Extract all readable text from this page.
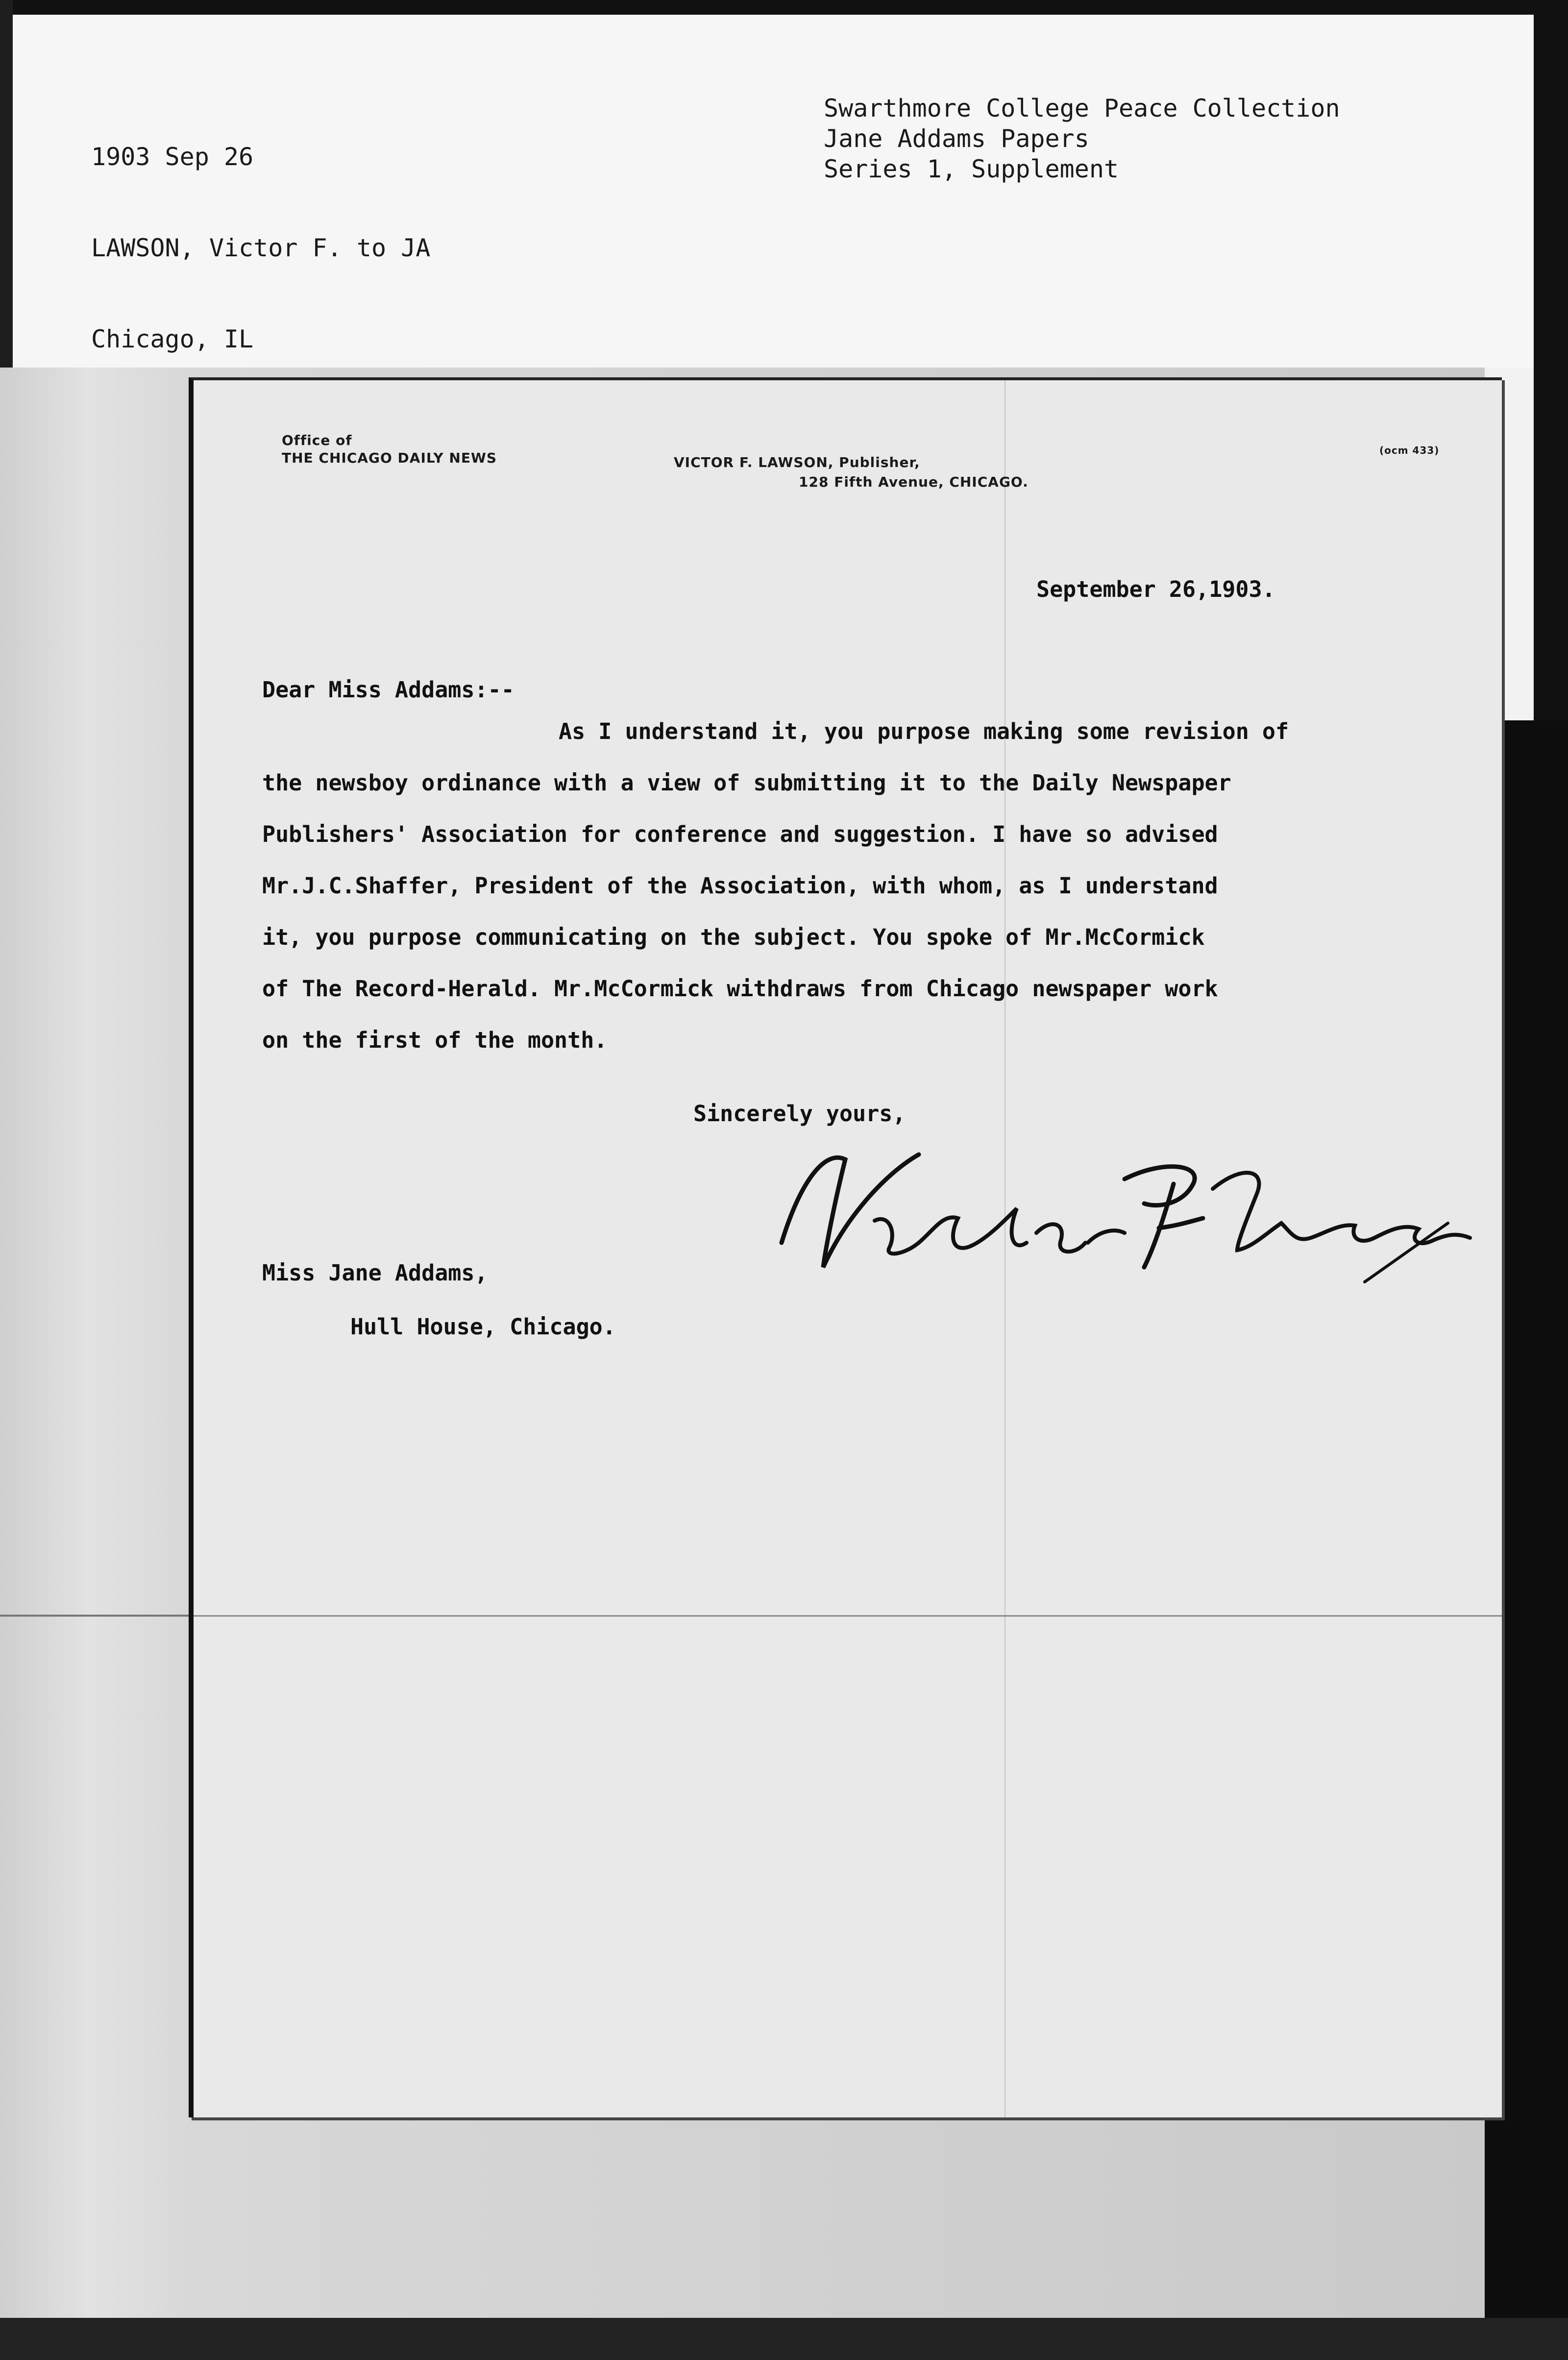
1903 Sep 26

LAWSON, Victor F. to JA

Chicago, IL

Swarthmore College Peace Collection
Jane Addams Papers
Series 1, Supplement
Office of
THE CHICAGO DAILY NEWS	VICTOR F. LAWSON, Publisher,
128 Fifth Avenue, CHICAGO.
(ocm 433)
September 26,1903.
Dear Miss Addams:--
As I understand it, you purpose making some revision of
the newsboy ordinance with a view of submitting it to the Daily Newspaper
Publishers' Association for conference and suggestion. I have so advised
Mr.J.C.Shaffer, President of the Association, with whom, as I understand
it, you purpose communicating on the subject. You spoke of Mr.McCormick
of The Record-Herald. Mr.McCormick withdraws from Chicago newspaper work
on the first of the month.
Sincerely yours,
Miss Jane Addams,
Hull House, Chicago.
